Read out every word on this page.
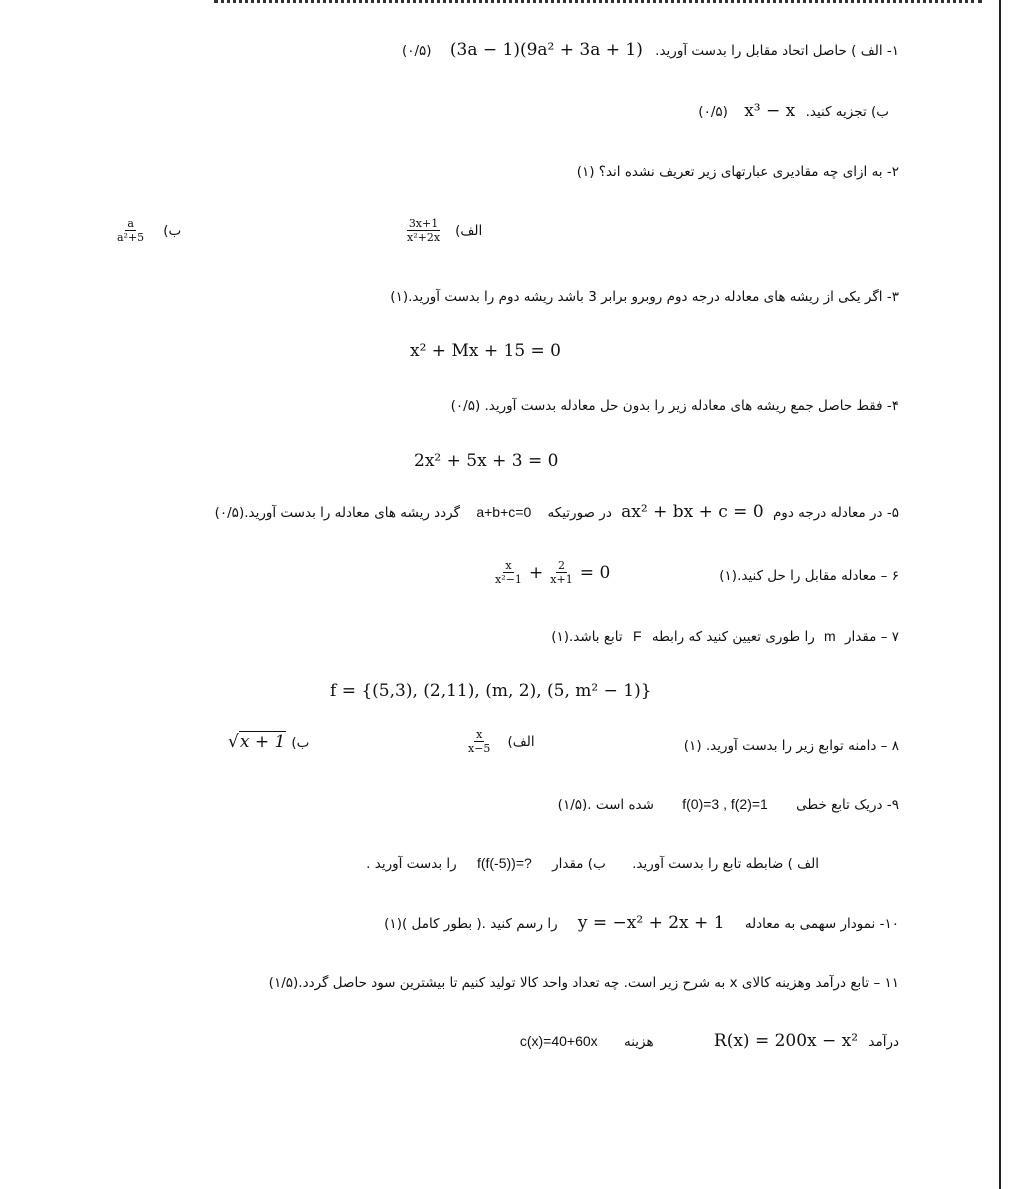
۱- الف ) حاصل اتحاد مقابل را بدست آورید. (3a − 1)(9a² + 3a + 1) (۰/۵)
ب) تجزیه کنید. x³ − x (۰/۵)
۲- به ازای چه مقادیری عبارتهای زیر تعریف نشده اند؟ (۱)
الف)
$\frac{3x+1}{\text{x²+2x}}$
ب)
$\frac{a}{\text{a²+5}}$
۳- اگر یکی از ریشه های معادله درجه دوم روبرو برابر 3 باشد ریشه دوم را بدست آورید.(۱)
x² + Mx + 15 = 0
۴- فقط حاصل جمع ریشه های معادله زیر را بدون حل معادله بدست آورید. (۰/۵)
2x² + 5x + 3 = 0
۵- در معادله درجه دوم ax² + bx + c = 0 در صورتیکه a+b+c=0 گردد ریشه های معادله را بدست آورید.(۰/۵)
۶ – معادله مقابل را حل کنید.(۱)
$\frac{x}{\text{x²−1}} + \frac{2}{x+1} = 0$
۷ – مقدار m را طوری تعیین کنید که رابطه F تابع باشد.(۱)
f = {(5,3), (2,11), (m, 2), (5, m² − 1)}
۸ – دامنه توابع زیر را بدست آورید. (۱)
الف)
$\frac{x}{x-5}$
ب) √x + 1
۹- دریک تابع خطی f(0)=3 , f(2)=1 شده است .(۱/۵)
الف ) ضابطه تابع را بدست آورید. ب) مقدار f(f(-5))=? را بدست آورید .
۱۰- نمودار سهمی به معادله y = −x² + 2x + 1 را رسم کنید .( بطور کامل )(۱)
۱۱ – تابع درآمد وهزینه کالای x به شرح زیر است. چه تعداد واحد کالا تولید کنیم تا بیشترین سود حاصل گردد.(۱/۵)
درآمد R(x) = 200x − x² هزینه c(x)=40+60x
